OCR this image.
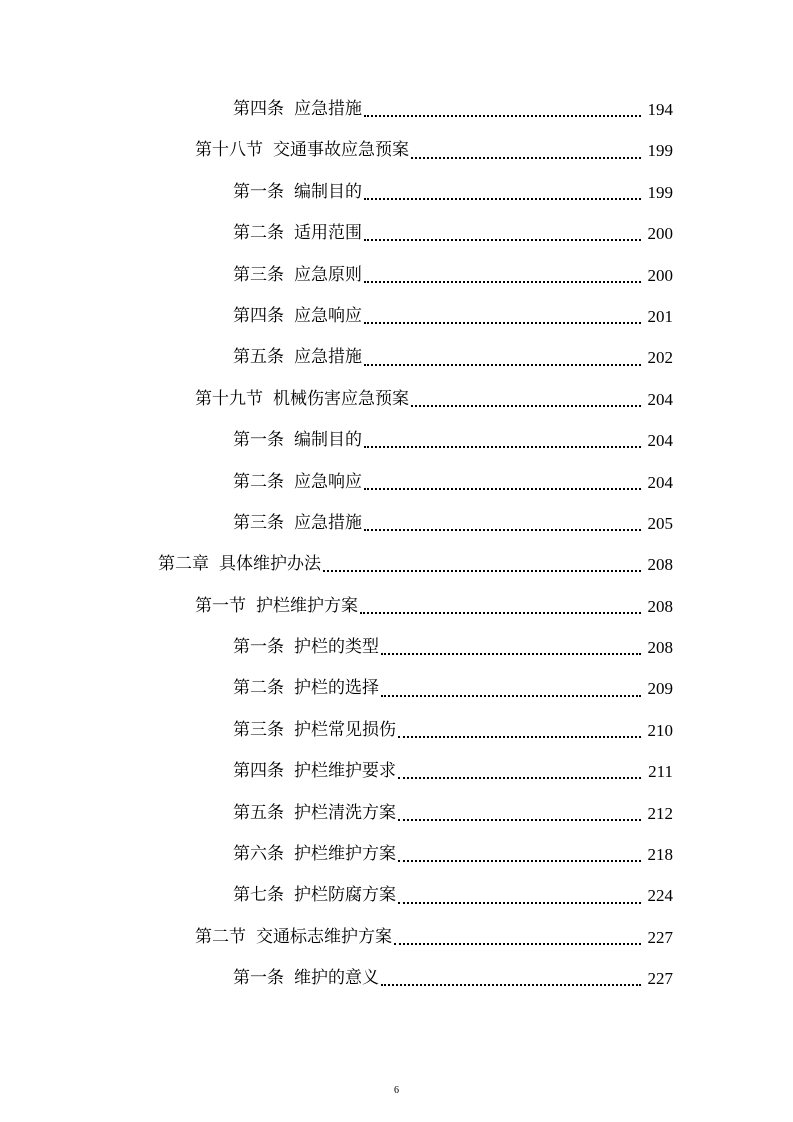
第四条 应急措施	194
第十八节 交通事故应急预案	199
第一条 编制目的	199
第二条 适用范围	200
第三条 应急原则	200
第四条 应急响应	201
第五条 应急措施	202
第十九节 机械伤害应急预案	204
第一条 编制目的	204
第二条 应急响应	204
第三条 应急措施	205
第二章 具体维护办法	208
第一节 护栏维护方案	208
第一条 护栏的类型	208
第二条 护栏的选择	209
第三条 护栏常见损伤	210
第四条 护栏维护要求	211
第五条 护栏清洗方案	212
第六条 护栏维护方案	218
第七条 护栏防腐方案	224
第二节 交通标志维护方案	227
第一条 维护的意义	227
6
